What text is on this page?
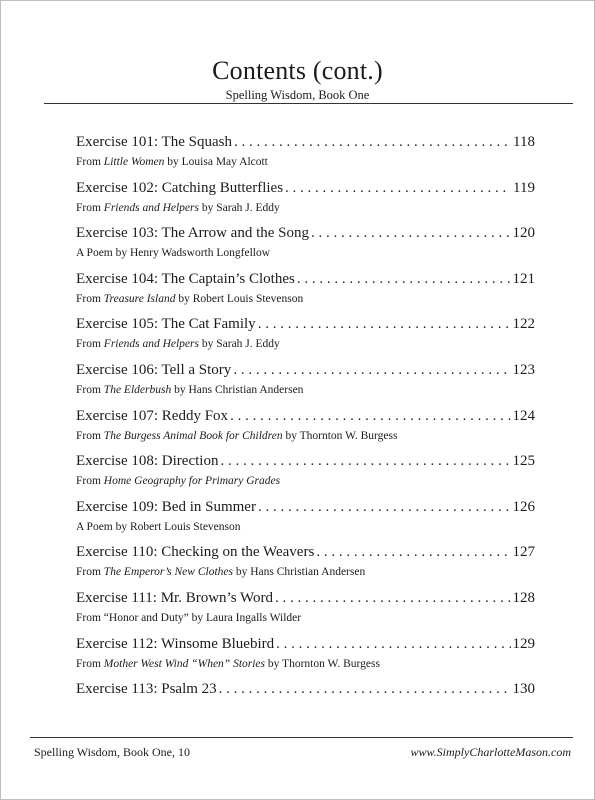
Contents (cont.)
Spelling Wisdom, Book One
Exercise 101: The Squash . . .	118
From Little Women by Louisa May Alcott
Exercise 102: Catching Butterflies . . .	119
From Friends and Helpers by Sarah J. Eddy
Exercise 103: The Arrow and the Song . . .	120
A Poem by Henry Wadsworth Longfellow
Exercise 104: The Captain’s Clothes . . .	121
From Treasure Island by Robert Louis Stevenson
Exercise 105: The Cat Family . . .	122
From Friends and Helpers by Sarah J. Eddy
Exercise 106: Tell a Story . . .	123
From The Elderbush by Hans Christian Andersen
Exercise 107: Reddy Fox . . .	124
From The Burgess Animal Book for Children by Thornton W. Burgess
Exercise 108: Direction . . .	125
From Home Geography for Primary Grades
Exercise 109: Bed in Summer . . .	126
A Poem by Robert Louis Stevenson
Exercise 110: Checking on the Weavers . . .	127
From The Emperor’s New Clothes by Hans Christian Andersen
Exercise 111: Mr. Brown’s Word . . .	128
From “Honor and Duty” by Laura Ingalls Wilder
Exercise 112: Winsome Bluebird . . .	129
From Mother West Wind “When” Stories by Thornton W. Burgess
Exercise 113: Psalm 23 . . .	130
Spelling Wisdom, Book One, 10	www.SimplyCharlotteMason.com
